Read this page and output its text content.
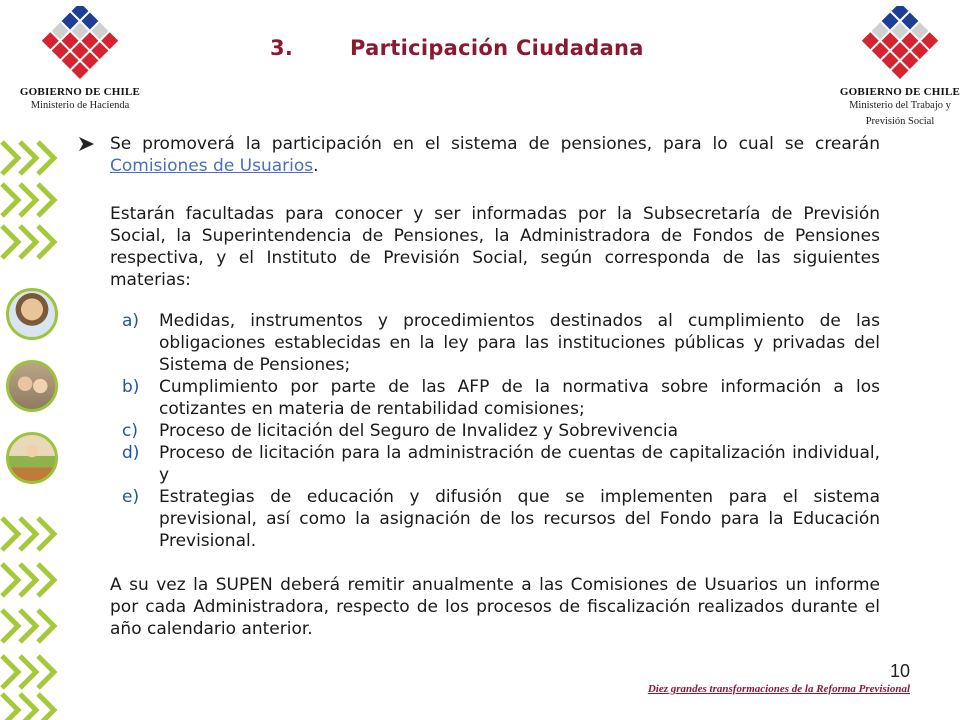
GOBIERNO DE CHILE
Ministerio de Hacienda
GOBIERNO DE CHILE
Ministerio del Trabajo y
Previsión Social
3.	Participación Ciudadana
Se promoverá la participación en el sistema de pensiones, para lo cual se crearán Comisiones de Usuarios.
Estarán facultadas para conocer y ser informadas por la Subsecretaría de Previsión Social, la Superintendencia de Pensiones, la Administradora de Fondos de Pensiones respectiva, y el Instituto de Previsión Social, según corresponda de las siguientes materias:

a) Medidas, instrumentos y procedimientos destinados al cumplimiento de las obligaciones establecidas en la ley para las instituciones públicas y privadas del Sistema de Pensiones;

b) Cumplimiento por parte de las AFP de la normativa sobre información a los cotizantes en materia de rentabilidad comisiones;

c) Proceso de licitación del Seguro de Invalidez y Sobrevivencia

d) Proceso de licitación para la administración de cuentas de capitalización individual, y

e) Estrategias de educación y difusión que se implementen para el sistema previsional, así como la asignación de los recursos del Fondo para la Educación Previsional.

A su vez la SUPEN deberá remitir anualmente a las Comisiones de Usuarios un informe por cada Administradora, respecto de los procesos de fiscalización realizados durante el año calendario anterior.
10
Diez grandes transformaciones de la Reforma Previsional
